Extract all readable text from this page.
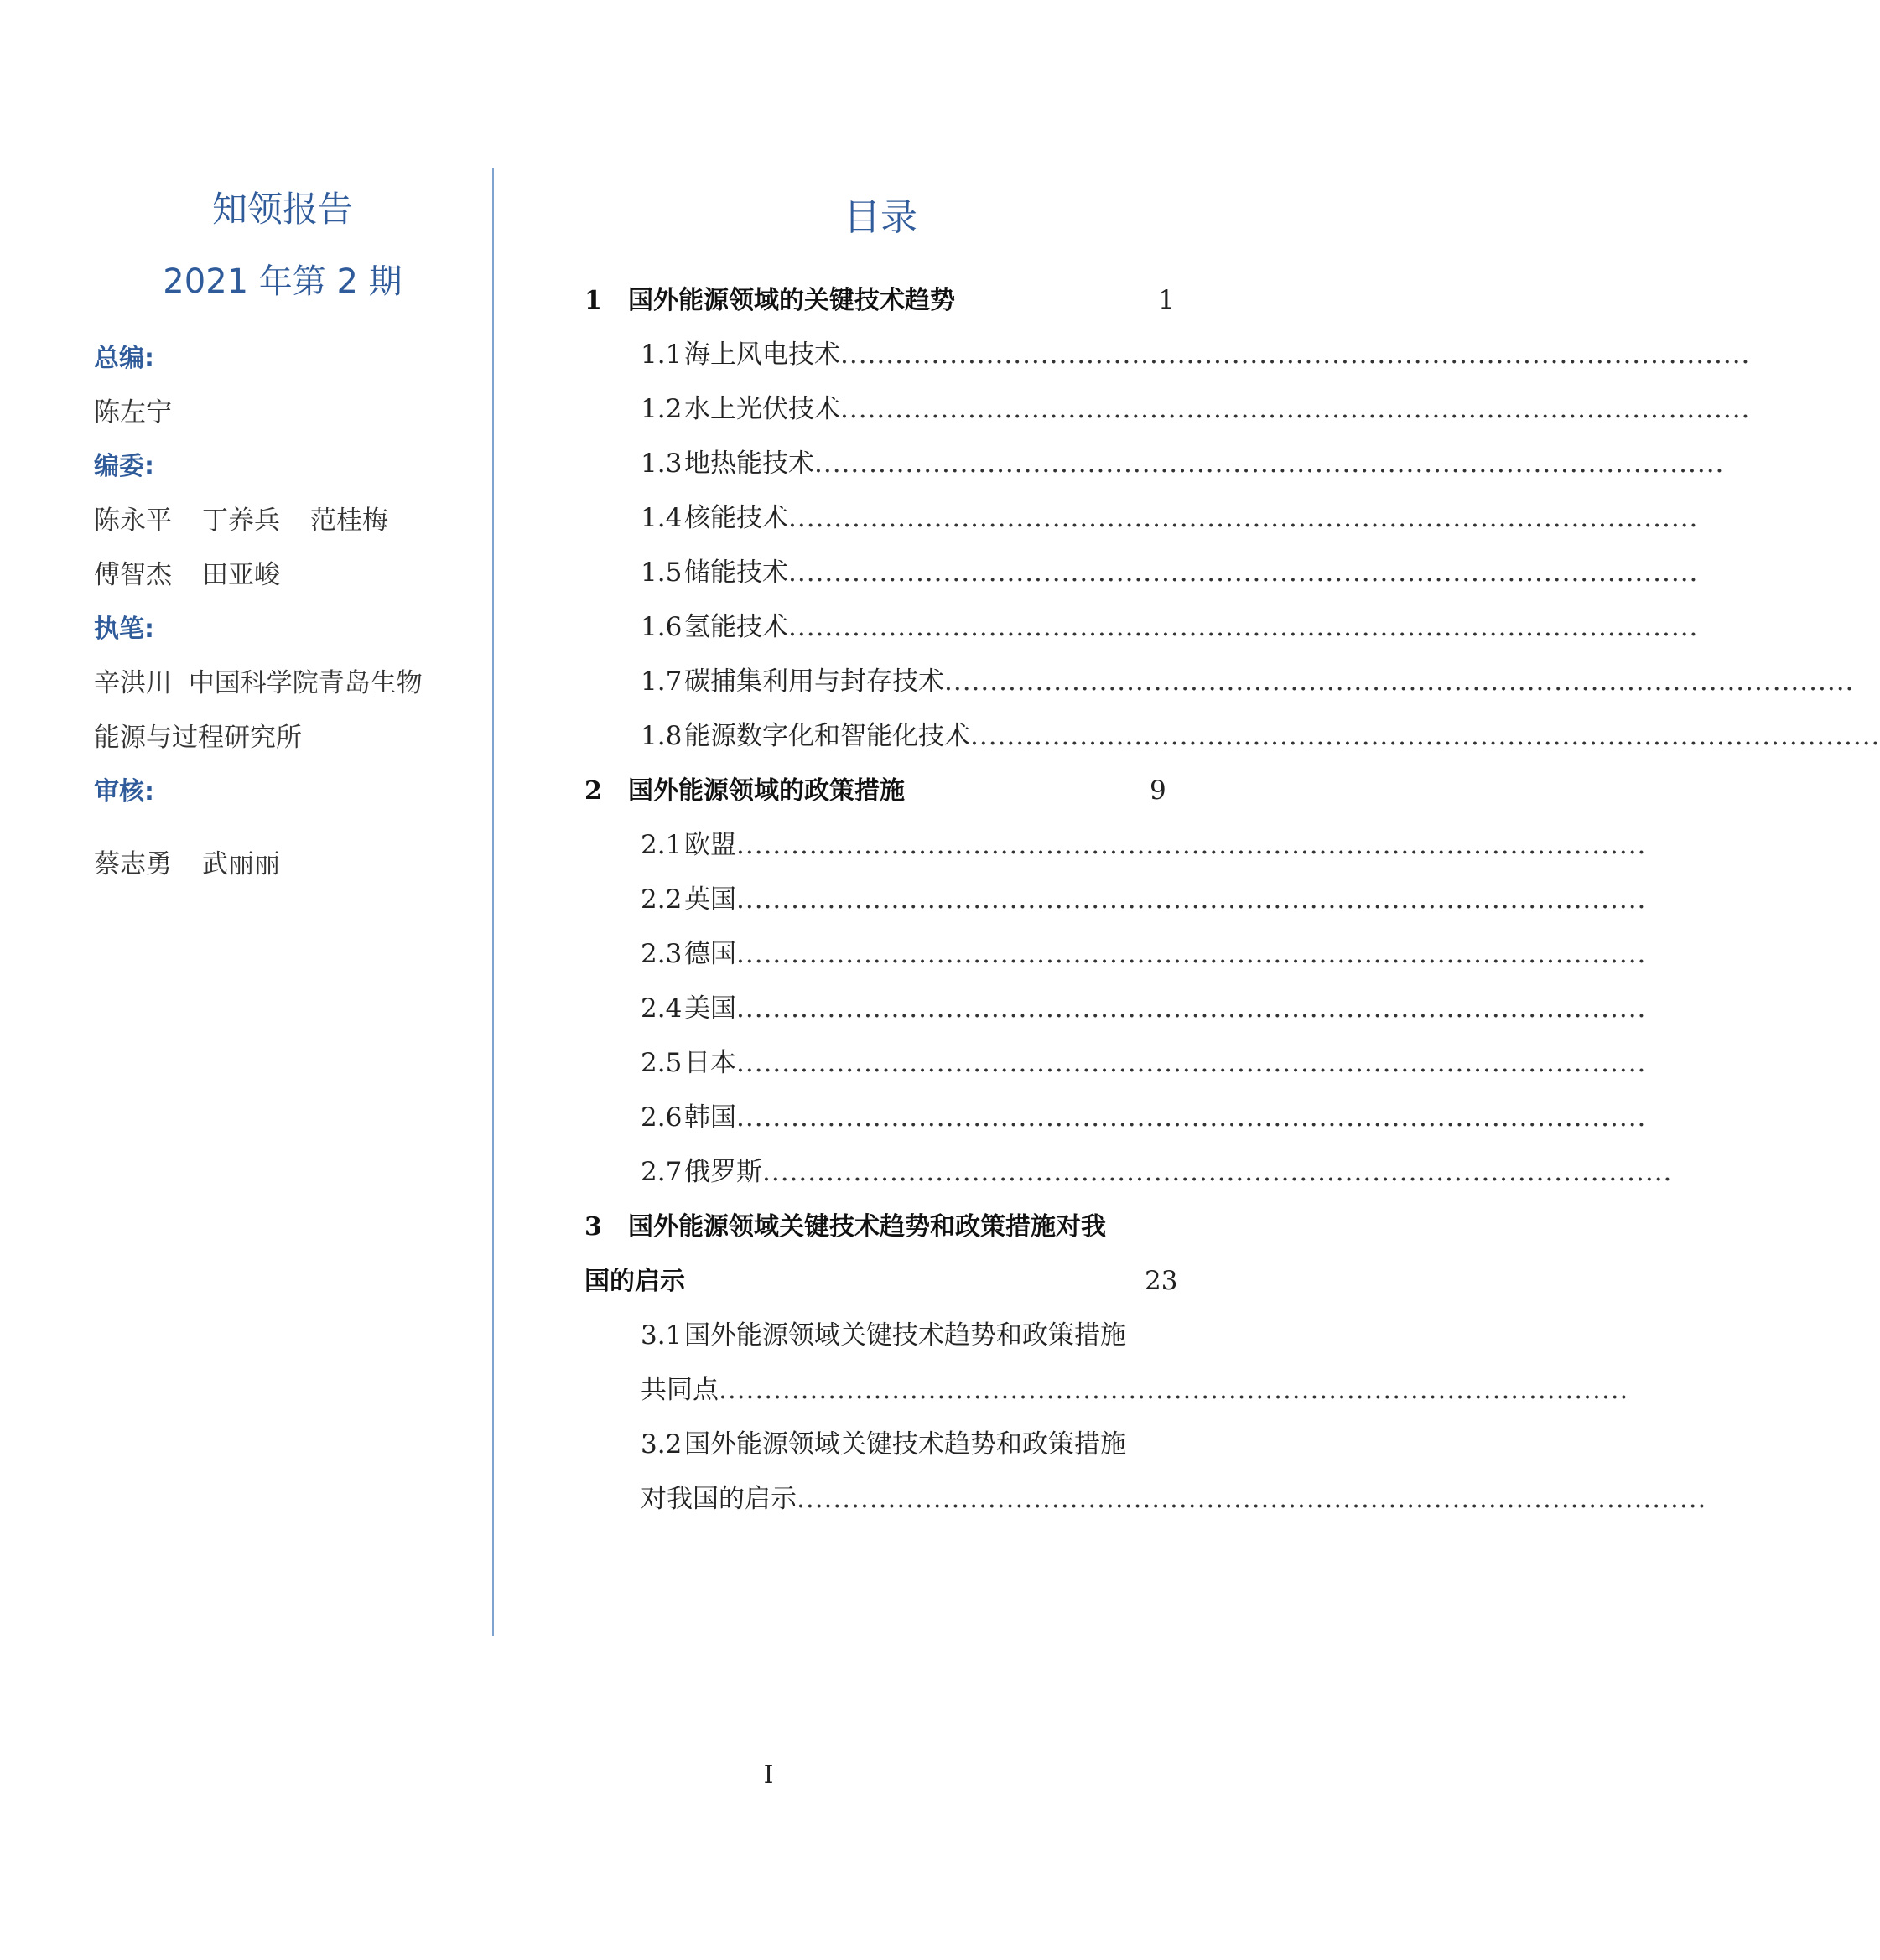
知领报告
2021 年第 2 期
总编:
陈左宁
编委:
陈永平 丁养兵 范桂梅
傅智杰 田亚峻
执笔:
辛洪川  中国科学院青岛生物
能源与过程研究所
审核:
蔡志勇 武丽丽
目录
1 国外能源领域的关键技术趋势	1
1.1海上风电技术....................................................................................................
1.2水上光伏技术....................................................................................................
1.3地热能技术....................................................................................................
1.4核能技术....................................................................................................
1.5储能技术....................................................................................................
1.6氢能技术....................................................................................................
1.7碳捕集利用与封存技术....................................................................................................
1.8能源数字化和智能化技术....................................................................................................
2 国外能源领域的政策措施	9
2.1欧盟....................................................................................................
2.2英国....................................................................................................
2.3德国....................................................................................................
2.4美国....................................................................................................
2.5日本....................................................................................................
2.6韩国....................................................................................................
2.7俄罗斯....................................................................................................
3 国外能源领域关键技术趋势和政策措施对我
国的启示	23
3.1国外能源领域关键技术趋势和政策措施
共同点....................................................................................................
3.2国外能源领域关键技术趋势和政策措施
对我国的启示....................................................................................................
I
